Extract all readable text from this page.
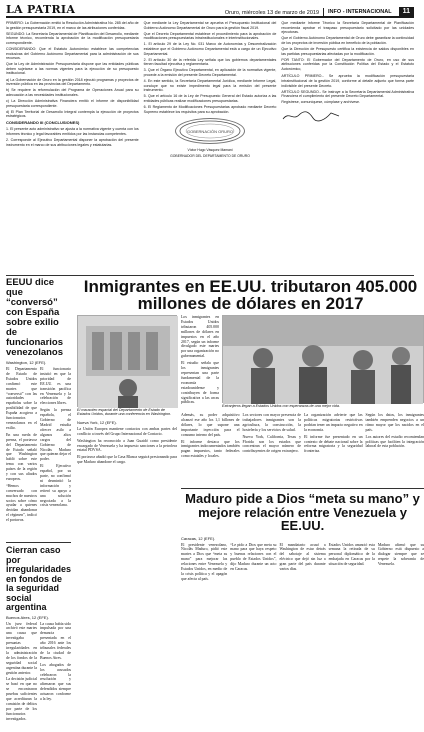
LA PATRIA	Oruro, miércoles 13 de marzo de 2019	INFO - INTERNACIONAL	11

PRIMERO: La Gobernación emitió la Resolución Administrativa No. 285 del año de la gestión presupuestaria 2019, en el marco de las atribuciones conferidas.

SEGUNDO: La Secretaría Departamental de Planificación del Desarrollo, mediante informe técnico, recomienda la aprobación de la modificación presupuestaria correspondiente.

CONSIDERANDO: Que el Estatuto Autonómico establece las competencias exclusivas del Gobierno Autónomo Departamental para la administración de sus recursos.

Que la Ley de Administración Presupuestaria dispone que las entidades públicas deben sujetarse a las normas vigentes para la ejecución de su presupuesto institucional.

a) La Gobernación de Oruro en la gestión 2018 ejecutó programas y proyectos de inversión pública en las provincias del Departamento.

b) Se requiere la reformulación del Programa de Operaciones Anual para su adecuación a las necesidades institucionales.

c) La Dirección Administrativa Financiera emitió el informe de disponibilidad presupuestaria correspondiente.

d) El Plan Territorial de Desarrollo Integral contempla la ejecución de proyectos estratégicos.

CONSIDERANDO III (CONCLUSIONES)

1. El presente acto administrativo se ajusta a la normativa vigente y cuenta con los informes técnico y legal favorables emitidos por las instancias competentes.

2. Corresponde al Ejecutivo Departamental disponer la aprobación del presente instrumento en el marco de sus atribuciones legales y estatutarias.

Que mediante la Ley Departamental se aprueba el Presupuesto Institucional del Gobierno Autónomo Departamental de Oruro para la gestión fiscal 2019.

Que el Decreto Departamental establece el procedimiento para la aprobación de modificaciones presupuestarias intrainstitucionales e interinstitucionales.

1. El artículo 29 de la Ley No. 031 Marco de Autonomías y Descentralización establece que el Gobierno Autónomo Departamental está a cargo de un Ejecutivo Departamental.

2. El artículo 30 de la referida Ley señala que los gobiernos departamentales tienen facultad ejecutiva y reglamentaria.

3. Que el Órgano Ejecutivo Departamental, en aplicación de la normativa vigente, procede a la emisión del presente Decreto Departamental.

4. En este sentido, la Secretaría Departamental Jurídica, mediante Informe Legal, concluye que no existe impedimento legal para la emisión del presente instrumento.

5. Que el artículo 16 de la Ley de Presupuesto General del Estado autoriza a las entidades públicas realizar modificaciones presupuestarias.

6. El Reglamento de Modificaciones Presupuestarias aprobado mediante Decreto Supremo establece los requisitos para su aprobación.

GOBERNACIÓN ORURO
Víctor Hugo Vásquez Mamani
GOBERNADOR DEL DEPARTAMENTO DE ORURO

Que mediante Informe Técnico la Secretaría Departamental de Planificación recomienda aprobar el traspaso presupuestario solicitado por las unidades ejecutoras.

Que el Gobierno Autónomo Departamental de Oruro debe garantizar la continuidad de los proyectos de inversión pública en beneficio de la población.

Que la Dirección de Presupuesto certifica la existencia de saldos disponibles en las partidas presupuestarias afectadas por la modificación.

POR TANTO: El Gobernador del Departamento de Oruro, en uso de sus atribuciones conferidas por la Constitución Política del Estado y el Estatuto Autonómico,

ARTÍCULO PRIMERO.- Se aprueba la modificación presupuestaria intrainstitucional de la gestión 2019, conforme al detalle adjunto que forma parte indivisible del presente Decreto.

ARTÍCULO SEGUNDO.- Se instruye a la Secretaría Departamental Administrativa Financiera el cumplimiento del presente Decreto Departamental.

Regístrese, comuníquese, cúmplase y archívese.

EEUU dice que “conversó” con España sobre exilio de funcionarios venezolanos
Washington, 12 (EFE).

El Departamento de Estado de Estados Unidos confirmó este martes que “conversó” con las autoridades españolas sobre la posibilidad de que España acogiera a funcionarios venezolanos en el exilio.

En una rueda de prensa, el portavoz del Departamento de Estado señaló que Washington habló sobre este tema con varios países de la región y con sus aliados europeos.

“Hemos conversado con muchos de nuestros socios sobre cómo ayudar a quienes decidan abandonar el régimen”, indicó el portavoz.

El funcionario insistió en que la prioridad de EE.UU. es una transición pacífica en Venezuela y la celebración de elecciones libres.

Según la prensa española, el Gobierno de Madrid estudia ofrecer asilo a algunos altos cargos del Gobierno de Nicolás Maduro que quieran dejar el poder.

El Ejecutivo español, por su parte, no confirmó ni desmintió la información y reiteró su apoyo a una solución negociada a la crisis venezolana.

Cierran caso por irregularidades en fondos de la seguridad social argentina
Buenos Aires, 12 (EFE).

Un juez federal archivó este martes una causa que investigaba presuntas irregularidades en la administración de los fondos de la seguridad social argentina durante la gestión anterior.

La decisión judicial se basó en que no se encontraron pruebas suficientes que acreditaran la comisión de delitos por parte de los funcionarios investigados.

La causa había sido impulsada por una denuncia presentada en el año 2016 ante los tribunales federales de la ciudad de Buenos Aires.

Los abogados de los acusados celebraron la resolución y afirmaron que sus defendidos siempre actuaron conforme a la ley.

Inmigrantes en EE.UU. tributaron 405.000 millones de dólares en 2017
El mausoleo espacial del Departamento de Estado de Estados Unidos, durante una conferencia en Washington.
Nueva York, 12 (EFE).

La Unión Europea mantiene contactos con ambas partes del conflicto a través del Grupo Internacional de Contacto.

Washington ha reconocido a Juan Guaidó como presidente encargado de Venezuela y ha impuesto sanciones a la petrolera estatal PDVSA.

El portavoz añadió que la Casa Blanca seguirá presionando para que Maduro abandone el cargo.

Los inmigrantes en Estados Unidos tributaron 405.000 millones de dólares en impuestos en el año 2017, según un informe divulgado este martes por una organización no gubernamental.

El estudio señala que los inmigrantes representan una parte fundamental de la economía estadounidense y contribuyen de forma significativa a las arcas públicas.

Extranjeros llegan a Estados Unidos con esperanzas de una mejor vida.

Además, su poder adquisitivo alcanzó ese año los 1,1 billones de dólares, lo que supone una importante inyección para el consumo interno del país.

El informe destaca que los inmigrantes indocumentados también pagan impuestos, tanto federales como estatales y locales.

Los sectores con mayor presencia de trabajadores inmigrantes son la agricultura, la construcción, la hostelería y los servicios de salud.

Nueva York, California, Texas y Florida son los estados que concentran el mayor número de contribuyentes de origen extranjero.

La organización advierte que las políticas migratorias restrictivas podrían tener un impacto negativo en la economía.

El informe fue presentado en un contexto de debate nacional sobre la reforma migratoria y la seguridad fronteriza.

Según los datos, los inmigrantes también emprenden negocios a un ritmo mayor que los nacidos en el país.

Los autores del estudio recomiendan políticas que faciliten la integración laboral de esta población.

Maduro pide a Dios “meta su mano” y mejore relación entre Venezuela y EE.UU.
Caracas, 12 (EFE).

El presidente venezolano, Nicolás Maduro, pidió este martes a Dios que “meta su mano” para mejorar las relaciones entre Venezuela y Estados Unidos, en medio de la crisis política y el apagón que afecta al país.

“Le pido a Dios que meta su mano para que haya respeto y buenas relaciones con el pueblo de Estados Unidos”, dijo Maduro durante un acto en Caracas.

El mandatario acusó a Washington de estar detrás del sabotaje al sistema eléctrico que dejó sin luz a gran parte del país durante varios días.

Estados Unidos anunció esta semana la retirada de su personal diplomático de la embajada en Caracas por la situación de seguridad.

Maduro afirmó que su Gobierno está dispuesto a dialogar siempre que se respete la soberanía de Venezuela.
